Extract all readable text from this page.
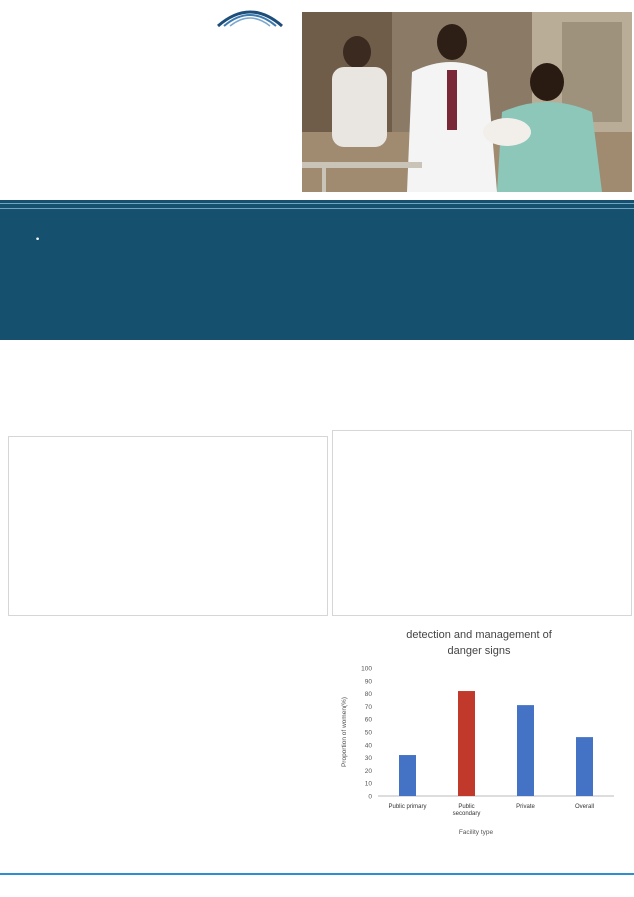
detection and management of
danger signs
0
10
20
30
40
50
60
70
80
90
100
Proportion of women(%)
Public primary	Public
secondary
Private	Overall
Facility type
